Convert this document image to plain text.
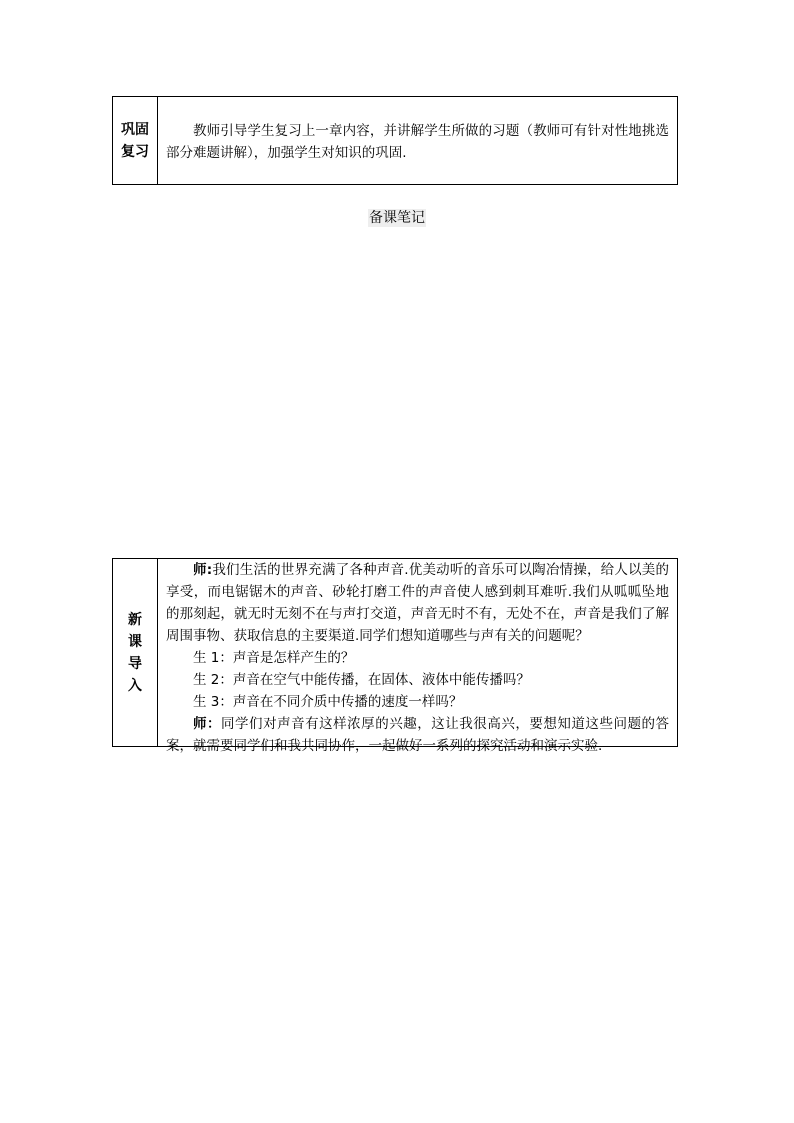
巩固复习

教师引导学生复习上一章内容，并讲解学生所做的习题（教师可有针对性地挑选部分难题讲解），加强学生对知识的巩固.

备课笔记
新课导入

师:我们生活的世界充满了各种声音.优美动听的音乐可以陶冶情操，给人以美的享受，而电锯锯木的声音、砂轮打磨工件的声音使人感到刺耳难听.我们从呱呱坠地的那刻起，就无时无刻不在与声打交道，声音无时不有，无处不在，声音是我们了解周围事物、获取信息的主要渠道.同学们想知道哪些与声有关的问题呢？

生 1：声音是怎样产生的？

生 2：声音在空气中能传播，在固体、液体中能传播吗？

生 3：声音在不同介质中传播的速度一样吗？

师：同学们对声音有这样浓厚的兴趣，这让我很高兴，要想知道这些问题的答案，就需要同学们和我共同协作，一起做好一系列的探究活动和演示实验.
